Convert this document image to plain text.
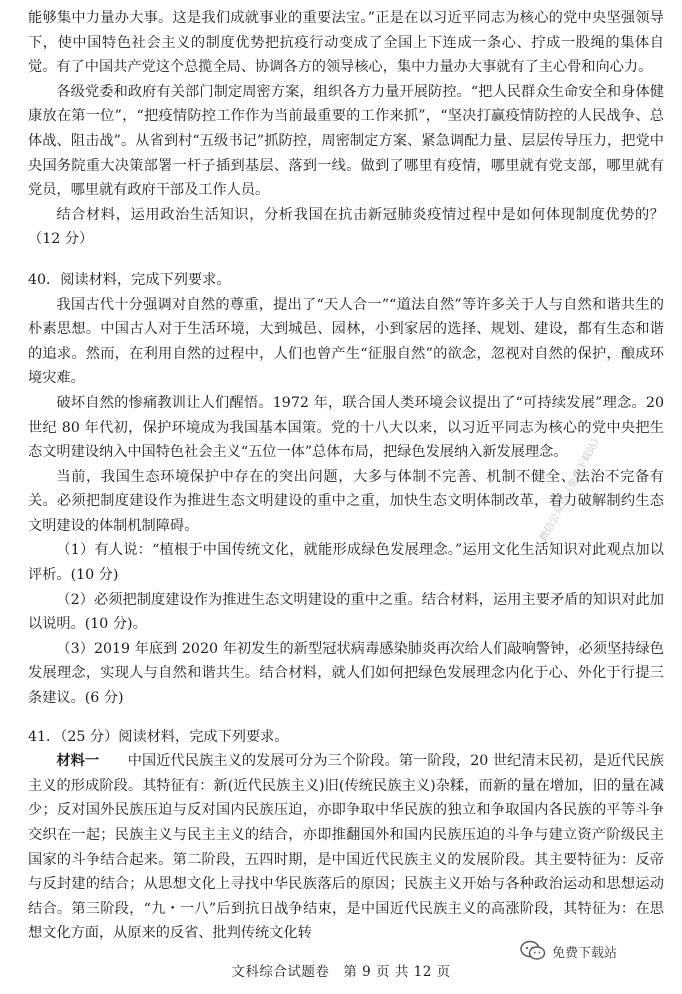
能够集中力量办大事。这是我们成就事业的重要法宝。”正是在以习近平同志为核心的党中央坚强领导下，使中国特色社会主义的制度优势把抗疫行动变成了全国上下连成一条心、拧成一股绳的集体自觉。有了中国共产党这个总揽全局、协调各方的领导核心，集中力量办大事就有了主心骨和向心力。

各级党委和政府有关部门制定周密方案，组织各方力量开展防控。“把人民群众生命安全和身体健康放在第一位”，“把疫情防控工作作为当前最重要的工作来抓”，“坚决打赢疫情防控的人民战争、总体战、阻击战”。从省到村“五级书记”抓防控，周密制定方案、紧急调配力量、层层传导压力，把党中央国务院重大决策部署一杆子插到基层、落到一线。做到了哪里有疫情，哪里就有党支部，哪里就有党员，哪里就有政府干部及工作人员。

结合材料，运用政治生活知识，分析我国在抗击新冠肺炎疫情过程中是如何体现制度优势的？（12 分）

40．阅读材料，完成下列要求。

我国古代十分强调对自然的尊重，提出了“天人合一”“道法自然”等许多关于人与自然和谐共生的朴素思想。中国古人对于生活环境，大到城邑、园林，小到家居的选择、规划、建设，都有生态和谐的追求。然而，在利用自然的过程中，人们也曾产生“征服自然”的欲念，忽视对自然的保护，酿成环境灾难。

破坏自然的惨痛教训让人们醒悟。1972 年，联合国人类环境会议提出了“可持续发展”理念。20 世纪 80 年代初，保护环境成为我国基本国策。党的十八大以来，以习近平同志为核心的党中央把生态文明建设纳入中国特色社会主义“五位一体”总体布局，把绿色发展纳入新发展理念。

当前，我国生态环境保护中存在的突出问题，大多与体制不完善、机制不健全、法治不完备有关。必须把制度建设作为推进生态文明建设的重中之重，加快生态文明体制改革，着力破解制约生态文明建设的体制机制障碍。

（1）有人说：“植根于中国传统文化，就能形成绿色发展理念。”运用文化生活知识对此观点加以评析。(10 分)

（2）必须把制度建设作为推进生态文明建设的重中之重。结合材料，运用主要矛盾的知识对此加以说明。(10 分)。

（3）2019 年底到 2020 年初发生的新型冠状病毒感染肺炎再次给人们敲响警钟，必须坚持绿色发展理念，实现人与自然和谐共生。结合材料，就人们如何把绿色发展理念内化于心、外化于行提三条建议。(6 分)

41．（25 分）阅读材料，完成下列要求。

材料一　　 中国近代民族主义的发展可分为三个阶段。第一阶段，20 世纪清末民初，是近代民族主义的形成阶段。其特征有：新(近代民族主义)旧(传统民族主义)杂糅，而新的量在增加，旧的量在减少；反对国外民族压迫与反对国内民族压迫，亦即争取中华民族的独立和争取国内各民族的平等斗争交织在一起；民族主义与民主主义的结合，亦即推翻国外和国内民族压迫的斗争与建立资产阶级民主国家的斗争结合起来。第二阶段，五四时期，是中国近代民族主义的发展阶段。其主要特征为：反帝与反封建的结合；从思想文化上寻找中华民族落后的原因；民族主义开始与各种政治运动和思想运动结合。第三阶段，“九・一八”后到抗日战争结束，是中国近代民族主义的高涨阶段，其特征为：在思想文化方面，从原来的反省、批判传统文化转

微信公众号《免费下载站》
文科综合试题卷　第 9 页 共 12 页
免费下载站
